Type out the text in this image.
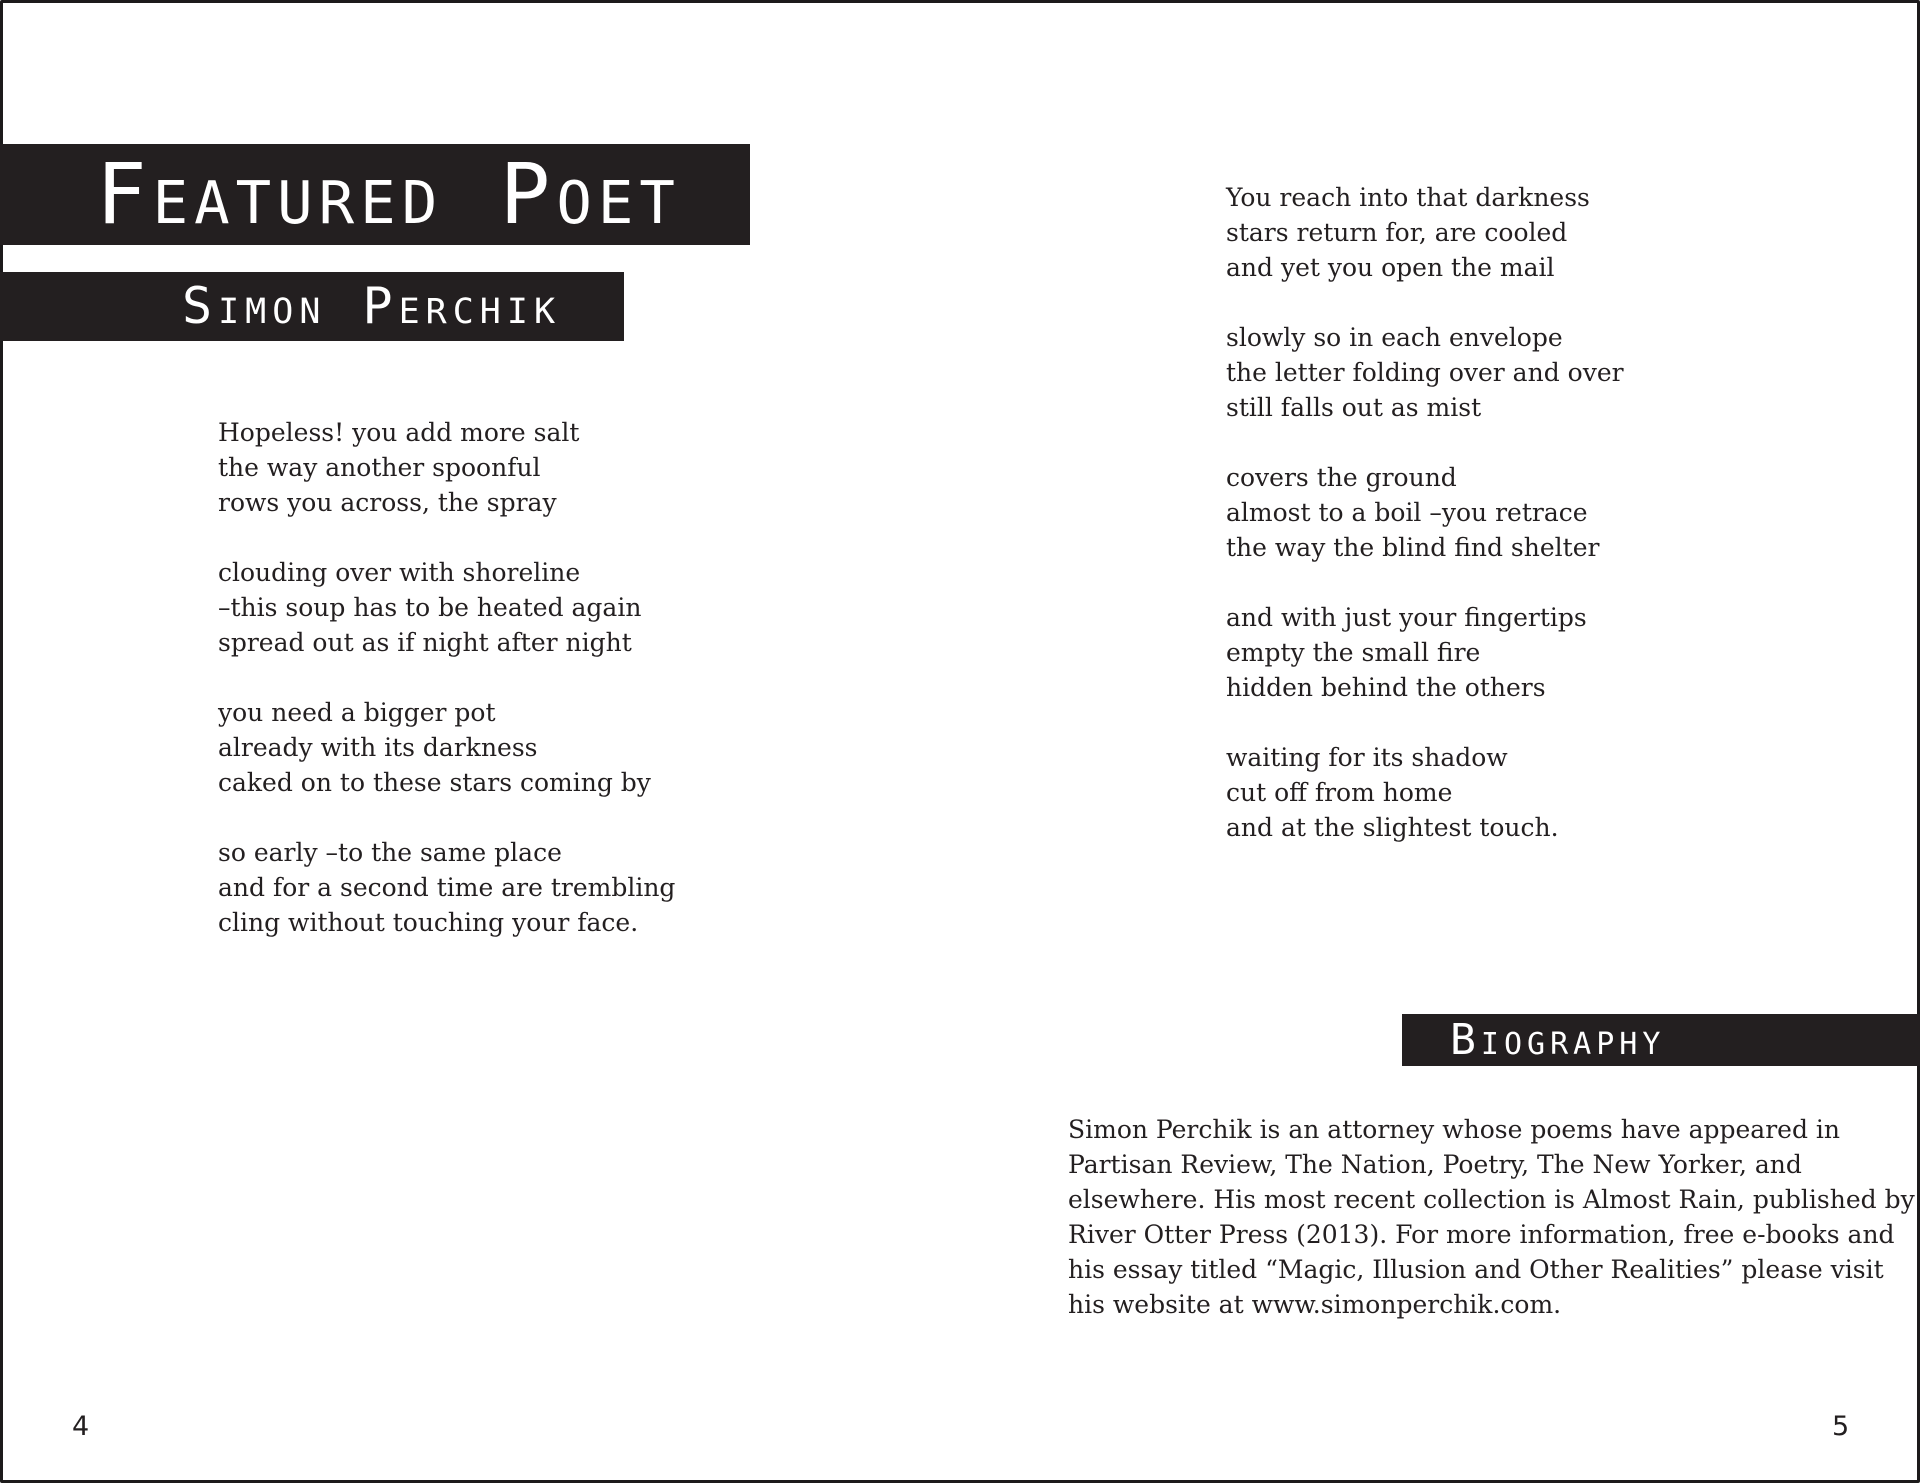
Featured Poet
Simon Perchik
Hopeless! you add more salt
the way another spoonful
rows you across, the spray
clouding over with shoreline
–this soup has to be heated again
spread out as if night after night
you need a bigger pot
already with its darkness
caked on to these stars coming by
so early –to the same place
and for a second time are trembling
cling without touching your face.
You reach into that darkness
stars return for, are cooled
and yet you open the mail
slowly so in each envelope
the letter folding over and over
still falls out as mist
covers the ground
almost to a boil –you retrace
the way the blind find shelter
and with just your fingertips
empty the small fire
hidden behind the others
waiting for its shadow
cut off from home
and at the slightest touch.
Biography

Simon Perchik is an attorney whose poems have appeared in
Partisan Review, The Nation, Poetry, The New Yorker, and
elsewhere. His most recent collection is Almost Rain, published by
River Otter Press (2013). For more information, free e-books and
his essay titled “Magic, Illusion and Other Realities” please visit
his website at www.simonperchik.com.

4	5
